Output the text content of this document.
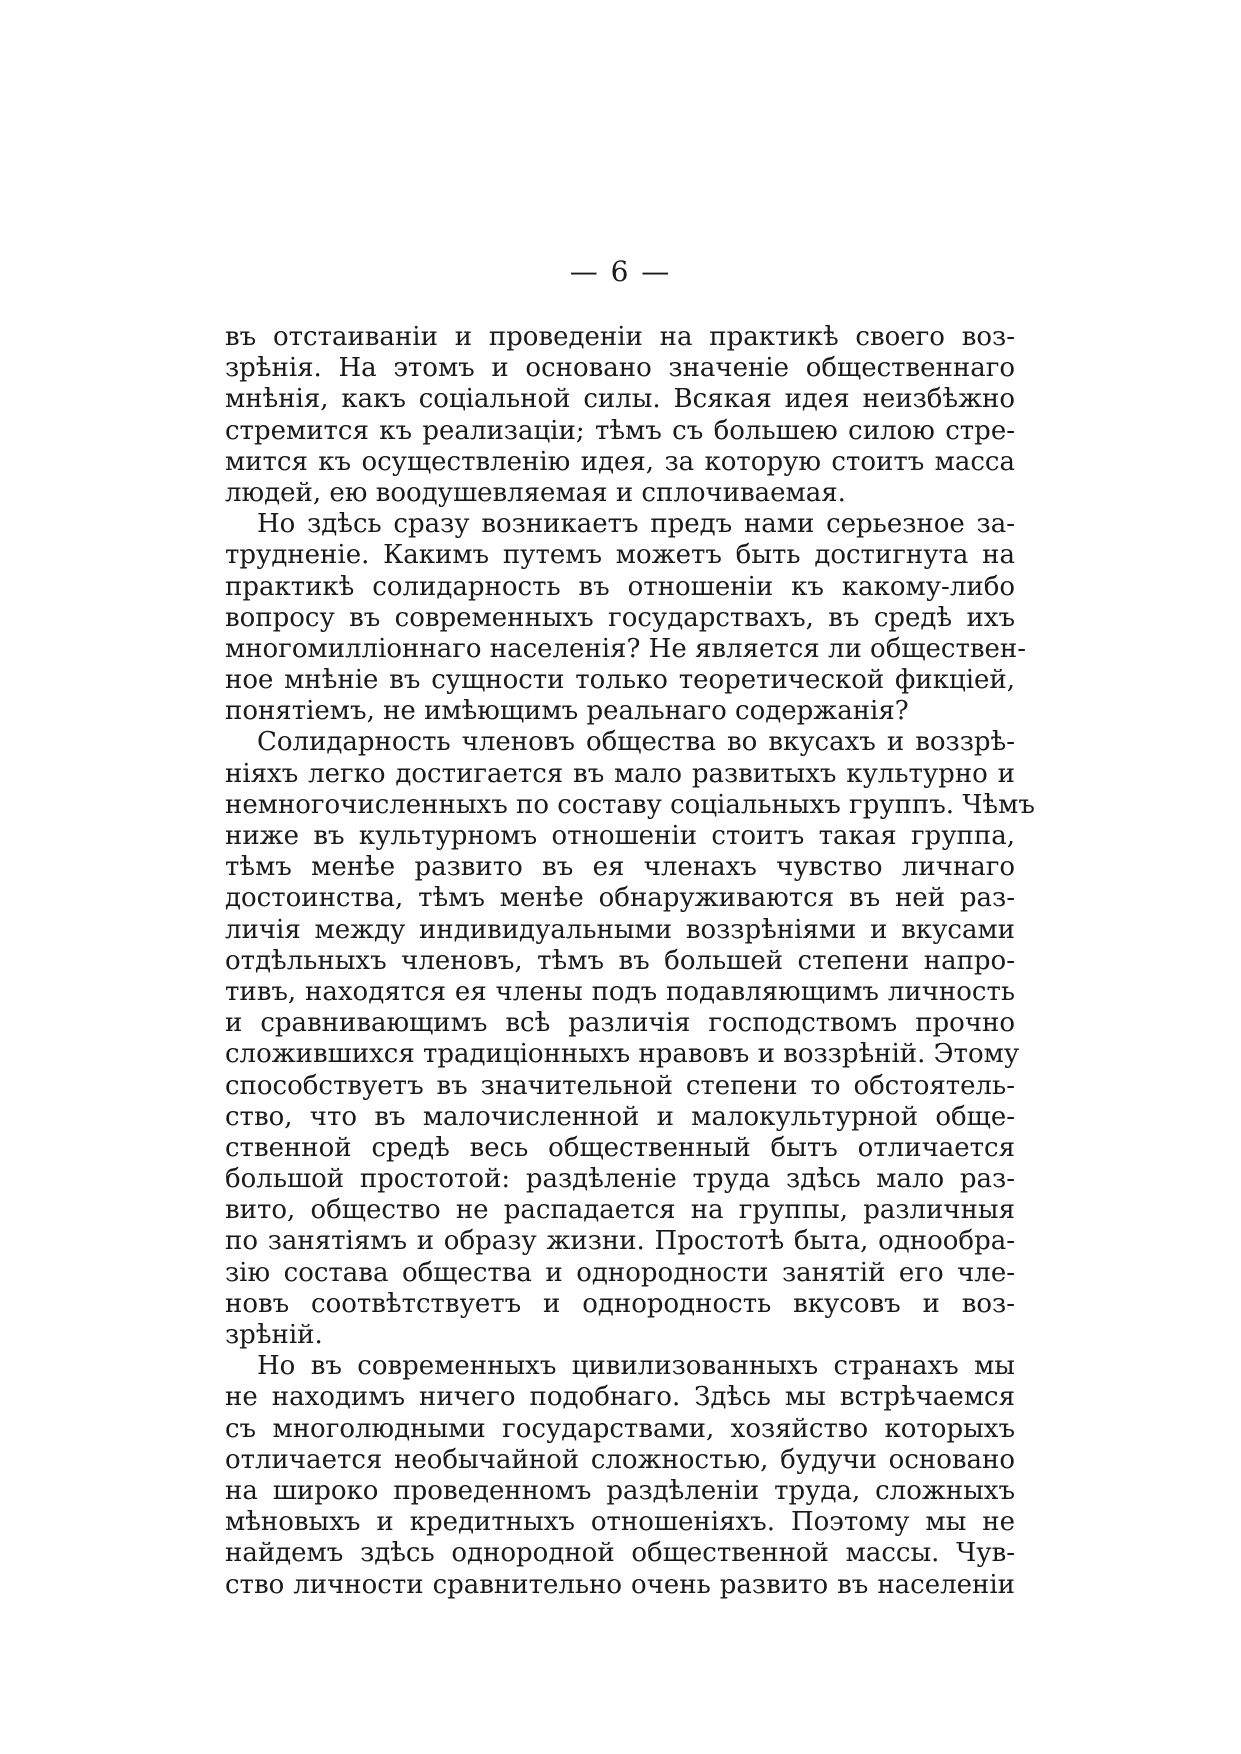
— 6 —
въ отстаиваніи и проведеніи на практикѣ своего воз-
зрѣнія. На этомъ и основано значеніе общественнаго
мнѣнія, какъ соціальной силы. Всякая идея неизбѣжно
стремится къ реализаціи; тѣмъ съ большею силою стре-
мится къ осуществленію идея, за которую стоитъ масса
людей, ею воодушевляемая и сплочиваемая.
Но здѣсь сразу возникаетъ предъ нами серьезное за-
трудненіе. Какимъ путемъ можетъ быть достигнута на
практикѣ солидарность въ отношеніи къ какому-либо
вопросу въ современныхъ государствахъ, въ средѣ ихъ
многомилліоннаго населенія? Не является ли обществен-
ное мнѣніе въ сущности только теоретической фикціей,
понятіемъ, не имѣющимъ реальнаго содержанія?
Солидарность членовъ общества во вкусахъ и воззрѣ-
ніяхъ легко достигается въ мало развитыхъ культурно и
немногочисленныхъ по составу соціальныхъ группъ. Чѣмъ
ниже въ культурномъ отношеніи стоитъ такая группа,
тѣмъ менѣе развито въ ея членахъ чувство личнаго
достоинства, тѣмъ менѣе обнаруживаются въ ней раз-
личія между индивидуальными воззрѣніями и вкусами
отдѣльныхъ членовъ, тѣмъ въ большей степени напро-
тивъ, находятся ея члены подъ подавляющимъ личность
и сравнивающимъ всѣ различія господствомъ прочно
сложившихся традиціонныхъ нравовъ и воззрѣній. Этому
способствуетъ въ значительной степени то обстоятель-
ство, что въ малочисленной и малокультурной обще-
ственной средѣ весь общественный бытъ отличается
большой простотой: раздѣленіе труда здѣсь мало раз-
вито, общество не распадается на группы, различныя
по занятіямъ и образу жизни. Простотѣ быта, однообра-
зію состава общества и однородности занятій его чле-
новъ соотвѣтствуетъ и однородность вкусовъ и воз-
зрѣній.
Но въ современныхъ цивилизованныхъ странахъ мы
не находимъ ничего подобнаго. Здѣсь мы встрѣчаемся
съ многолюдными государствами, хозяйство которыхъ
отличается необычайной сложностью, будучи основано
на широко проведенномъ раздѣленіи труда, сложныхъ
мѣновыхъ и кредитныхъ отношеніяхъ. Поэтому мы не
найдемъ здѣсь однородной общественной массы. Чув-
ство личности сравнительно очень развито въ населеніи
